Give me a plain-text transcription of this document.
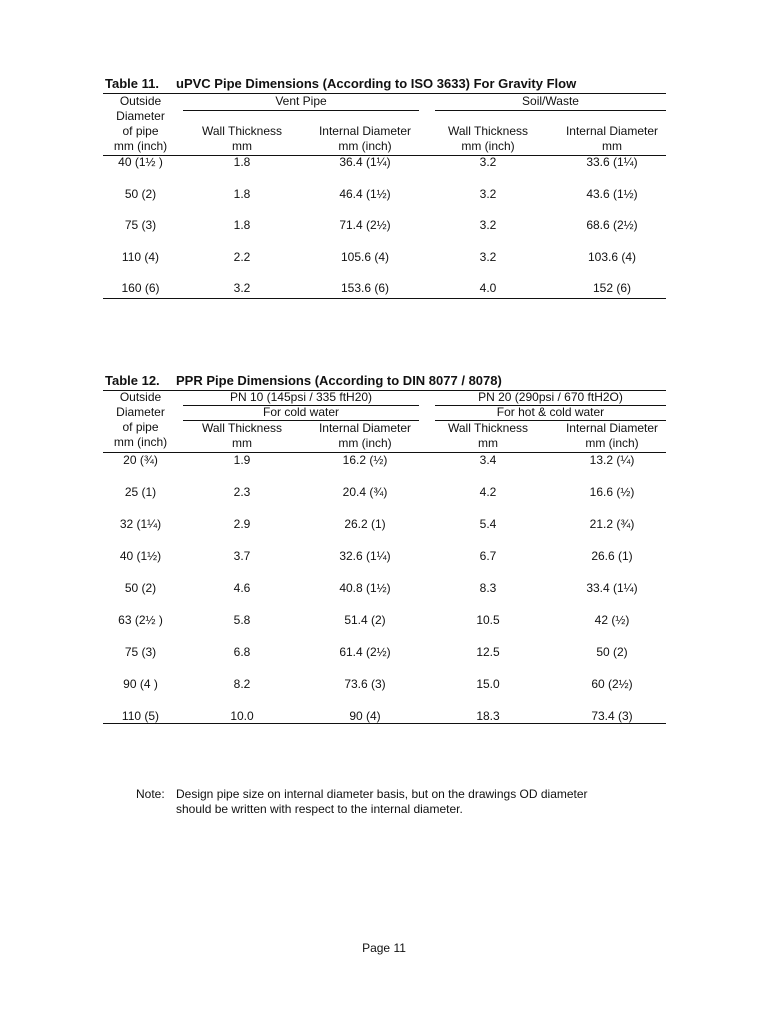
Table 11. uPVC Pipe Dimensions (According to ISO 3633) For Gravity Flow
Outside
Diameter
of pipe
mm (inch)
Vent Pipe	Soil/Waste
Wall Thickness
mm
Internal Diameter
mm (inch)
Wall Thickness
mm (inch)
Internal Diameter
mm
40 (1½ )	1.8	36.4 (1¼)	3.2	33.6 (1¼)
50 (2)	1.8	46.4 (1½)	3.2	43.6 (1½)
75 (3)	1.8	71.4 (2½)	3.2	68.6 (2½)
110 (4)	2.2	105.6 (4)	3.2	103.6 (4)
160 (6)	3.2	153.6 (6)	4.0	152 (6)
Table 12. PPR Pipe Dimensions (According to DIN 8077 / 8078)
Outside
Diameter
of pipe
mm (inch)
PN 10 (145psi / 335 ftH20)	PN 20 (290psi / 670 ftH2O)
For cold water	For hot & cold water
Wall Thickness
mm
Internal Diameter
mm (inch)
Wall Thickness
mm
Internal Diameter
mm (inch)
20 (¾)	1.9	16.2 (½)	3.4	13.2 (¼)
25 (1)	2.3	20.4 (¾)	4.2	16.6 (½)
32 (1¼)	2.9	26.2 (1)	5.4	21.2 (¾)
40 (1½)	3.7	32.6 (1¼)	6.7	26.6 (1)
50 (2)	4.6	40.8 (1½)	8.3	33.4 (1¼)
63 (2½ )	5.8	51.4 (2)	10.5	42 (½)
75 (3)	6.8	61.4 (2½)	12.5	50 (2)
90 (4 )	8.2	73.6 (3)	15.0	60 (2½)
110 (5)	10.0	90 (4)	18.3	73.4 (3)
Note: Design pipe size on internal diameter basis, but on the drawings OD diameter
should be written with respect to the internal diameter.
Page 11
